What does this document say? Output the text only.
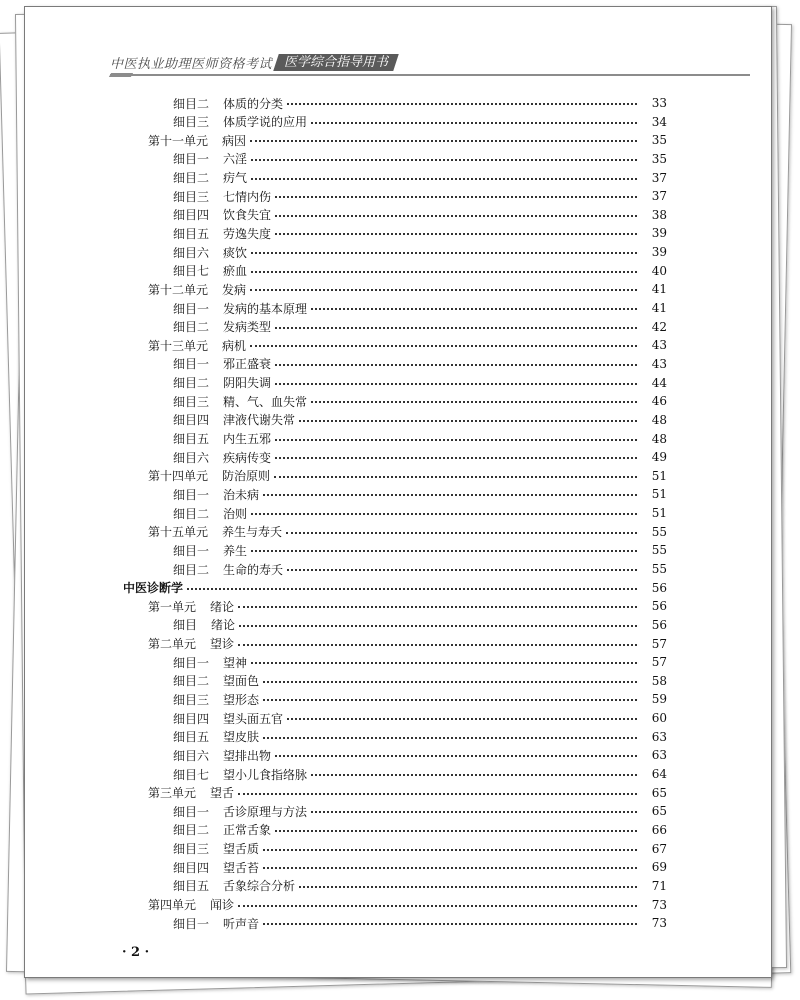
中医执业助理医师资格考试 医学综合指导用书
细目二 体质的分类	33
细目三 体质学说的应用	34
第十一单元 病因	35
细目一 六淫	35
细目二 疠气	37
细目三 七情内伤	37
细目四 饮食失宜	38
细目五 劳逸失度	39
细目六 痰饮	39
细目七 瘀血	40
第十二单元 发病	41
细目一 发病的基本原理	41
细目二 发病类型	42
第十三单元 病机	43
细目一 邪正盛衰	43
细目二 阴阳失调	44
细目三 精、气、血失常	46
细目四 津液代谢失常	48
细目五 内生五邪	48
细目六 疾病传变	49
第十四单元 防治原则	51
细目一 治未病	51
细目二 治则	51
第十五单元 养生与寿夭	55
细目一 养生	55
细目二 生命的寿夭	55
中医诊断学	56
第一单元 绪论	56
细目 绪论	56
第二单元 望诊	57
细目一 望神	57
细目二 望面色	58
细目三 望形态	59
细目四 望头面五官	60
细目五 望皮肤	63
细目六 望排出物	63
细目七 望小儿食指络脉	64
第三单元 望舌	65
细目一 舌诊原理与方法	65
细目二 正常舌象	66
细目三 望舌质	67
细目四 望舌苔	69
细目五 舌象综合分析	71
第四单元 闻诊	73
细目一 听声音	73
· 2 ·
